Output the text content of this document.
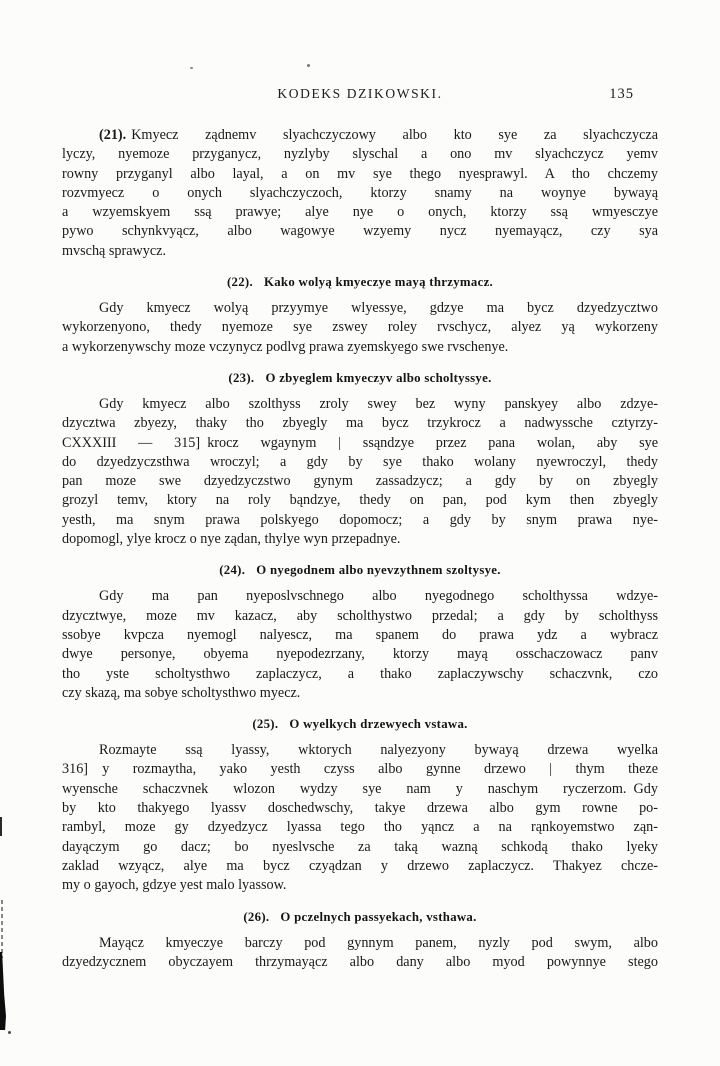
KODEKS DZIKOWSKI.	135

(21). Kmyecz ządnemv slyachczyczowy albo kto sye za slyachczycza
lyczy, nyemoze przyganycz, nyzlyby slyschal a ono mv slyachczycz yemv
rowny przyganyl albo layal, a on mv sye thego nyesprawyl. A tho chczemy
rozvmyecz o onych slyachczyczoch, ktorzy snamy na woynye bywayą
a wzyemskyem ssą prawye; alye nye o onych, ktorzy ssą wmyesczye
pywo schynkvyącz, albo wagowye wzyemy nycz nyemayącz, czy sya
mvschą sprawycz.

(22). Kako wolyą kmyeczye mayą thrzymacz.

Gdy kmyecz wolyą przyymye wlyessye, gdzye ma bycz dzyedzycztwo
wykorzenyono, thedy nyemoze sye zswey roley rvschycz, alyez yą wykorzeny
a wykorzenywschy moze vczynycz podlvg prawa zyemskyego swe rvschenye.

(23). O zbyeglem kmyeczyv albo scholtyssye.

Gdy kmyecz albo szolthyss zroly swey bez wyny panskyey albo zdzye-
dzycztwa zbyezy, thaky tho zbyegly ma bycz trzykrocz a nadwyssche cztyrzy-
CXXXIII — 315] krocz wgaynym | ssąndzye przez pana wolan, aby sye
do dzyedzyczsthwa wroczyl; a gdy by sye thako wolany nyewroczyl, thedy
pan moze swe dzyedzyczstwo gynym zassadzycz; a gdy by on zbyegly
grozyl temv, ktory na roly bąndzye, thedy on pan, pod kym then zbyegly
yesth, ma snym prawa polskyego dopomocz; a gdy by snym prawa nye-
dopomogl, ylye krocz o nye ządan, thylye wyn przepadnye.

(24). O nyegodnem albo nyevzythnem szoltysye.

Gdy ma pan nyeposlvschnego albo nyegodnego scholthyssa wdzye-
dzycztwye, moze mv kazacz, aby scholthystwo przedal; a gdy by scholthyss
ssobye kvpcza nyemogl nalyescz, ma spanem do prawa ydz a wybracz
dwye personye, obyema nyepodezrzany, ktorzy mayą osschaczowacz panv
tho yste scholtysthwo zaplaczycz, a thako zaplaczywschy schaczvnk, czo
czy skazą, ma sobye scholtysthwo myecz.

(25). O wyelkych drzewyech vstawa.

Rozmayte ssą lyassy, wktorych nalyezyony bywayą drzewa wyelka
316] y rozmaytha, yako yesth czyss albo gynne drzewo | thym theze
wyensche schaczvnek wlozon wydzy sye nam y naschym ryczerzom. Gdy
by kto thakyego lyassv doschedwschy, takye drzewa albo gym rowne po-
rambyl, moze gy dzyedzycz lyassa tego tho yąncz a na rąnkoyemstwo ząn-
dayączym go dacz; bo nyeslvsche za taką wazną schkodą thako lyeky
zaklad wzyącz, alye ma bycz czyądzan y drzewo zaplaczycz. Thakyez chcze-
my o gayoch, gdzye yest malo lyassow.

(26). O pczelnych passyekach, vsthawa.

Mayącz kmyeczye barczy pod gynnym panem, nyzly pod swym, albo
dzyedzycznem obyczayem thrzymayącz albo dany albo myod powynnye stego
